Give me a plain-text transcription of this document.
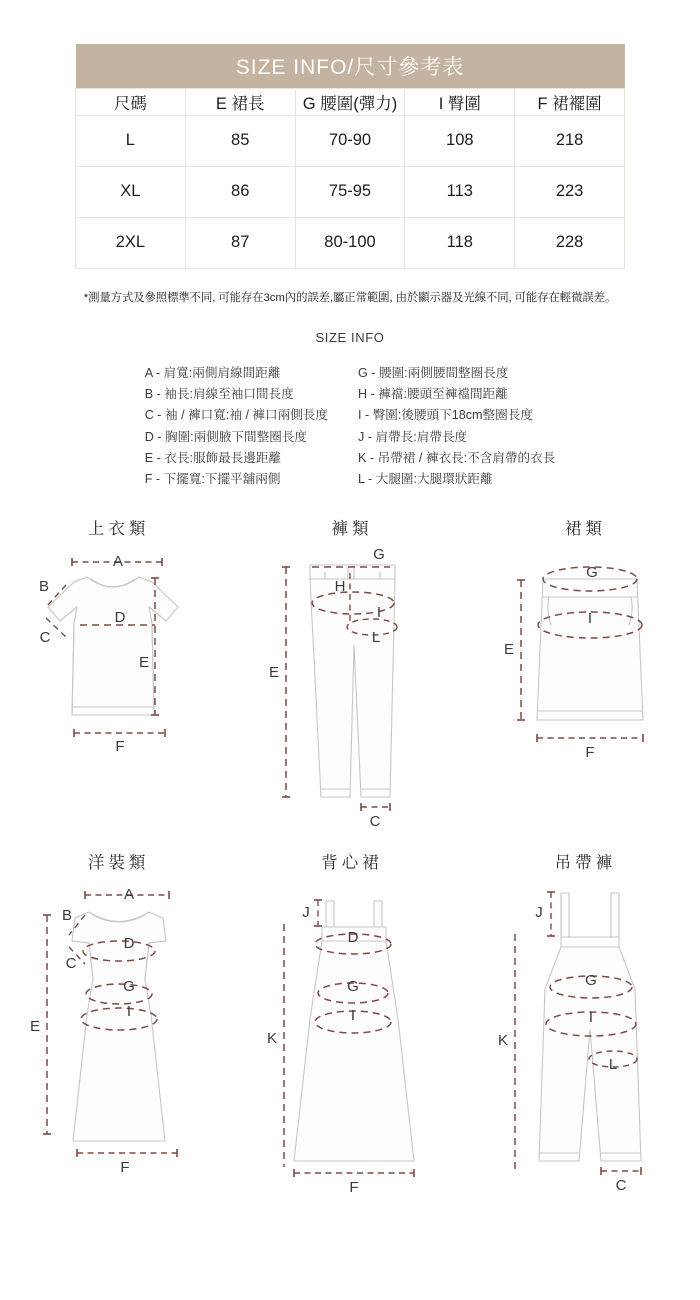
SIZE INFO/尺寸參考表				
尺碼	E 裙長	G 腰圍(彈力)	I 臀圍	F 裙襬圍
L	85	70-90	108	218
XL	86	75-95	113	223
2XL	87	80-100	118	228
*測量方式及參照標準不同, 可能存在3cm內的誤差,屬正常範圍, 由於顯示器及光線不同, 可能存在輕微誤差。
SIZE INFO
A - 肩寬:兩側肩線間距離
B - 袖長:肩線至袖口間長度
C - 袖 / 褲口寬:袖 / 褲口兩側長度
D - 胸圍:兩側腋下間整圈長度
E - 衣長:服飾最長邊距離
F - 下擺寬:下擺平舖兩側
G - 腰圍:兩側腰間整圈長度
H - 褲襠:腰頭至褲襠間距離
I - 臀圍:後腰頭下18cm整圈長度
J - 肩帶長:肩帶長度
K - 吊帶裙 / 褲衣長:不含肩帶的衣長
L - 大腿圍:大腿環狀距離
上衣類
A
B
C
D
E
F
褲類
G
H
I
L
E
C
裙類
G
I
E
F
洋裝類
A
B
C
D
G
I
E
F
背心裙
J
D
G
I
K
F
吊帶褲
J
G
I
L
K
C
